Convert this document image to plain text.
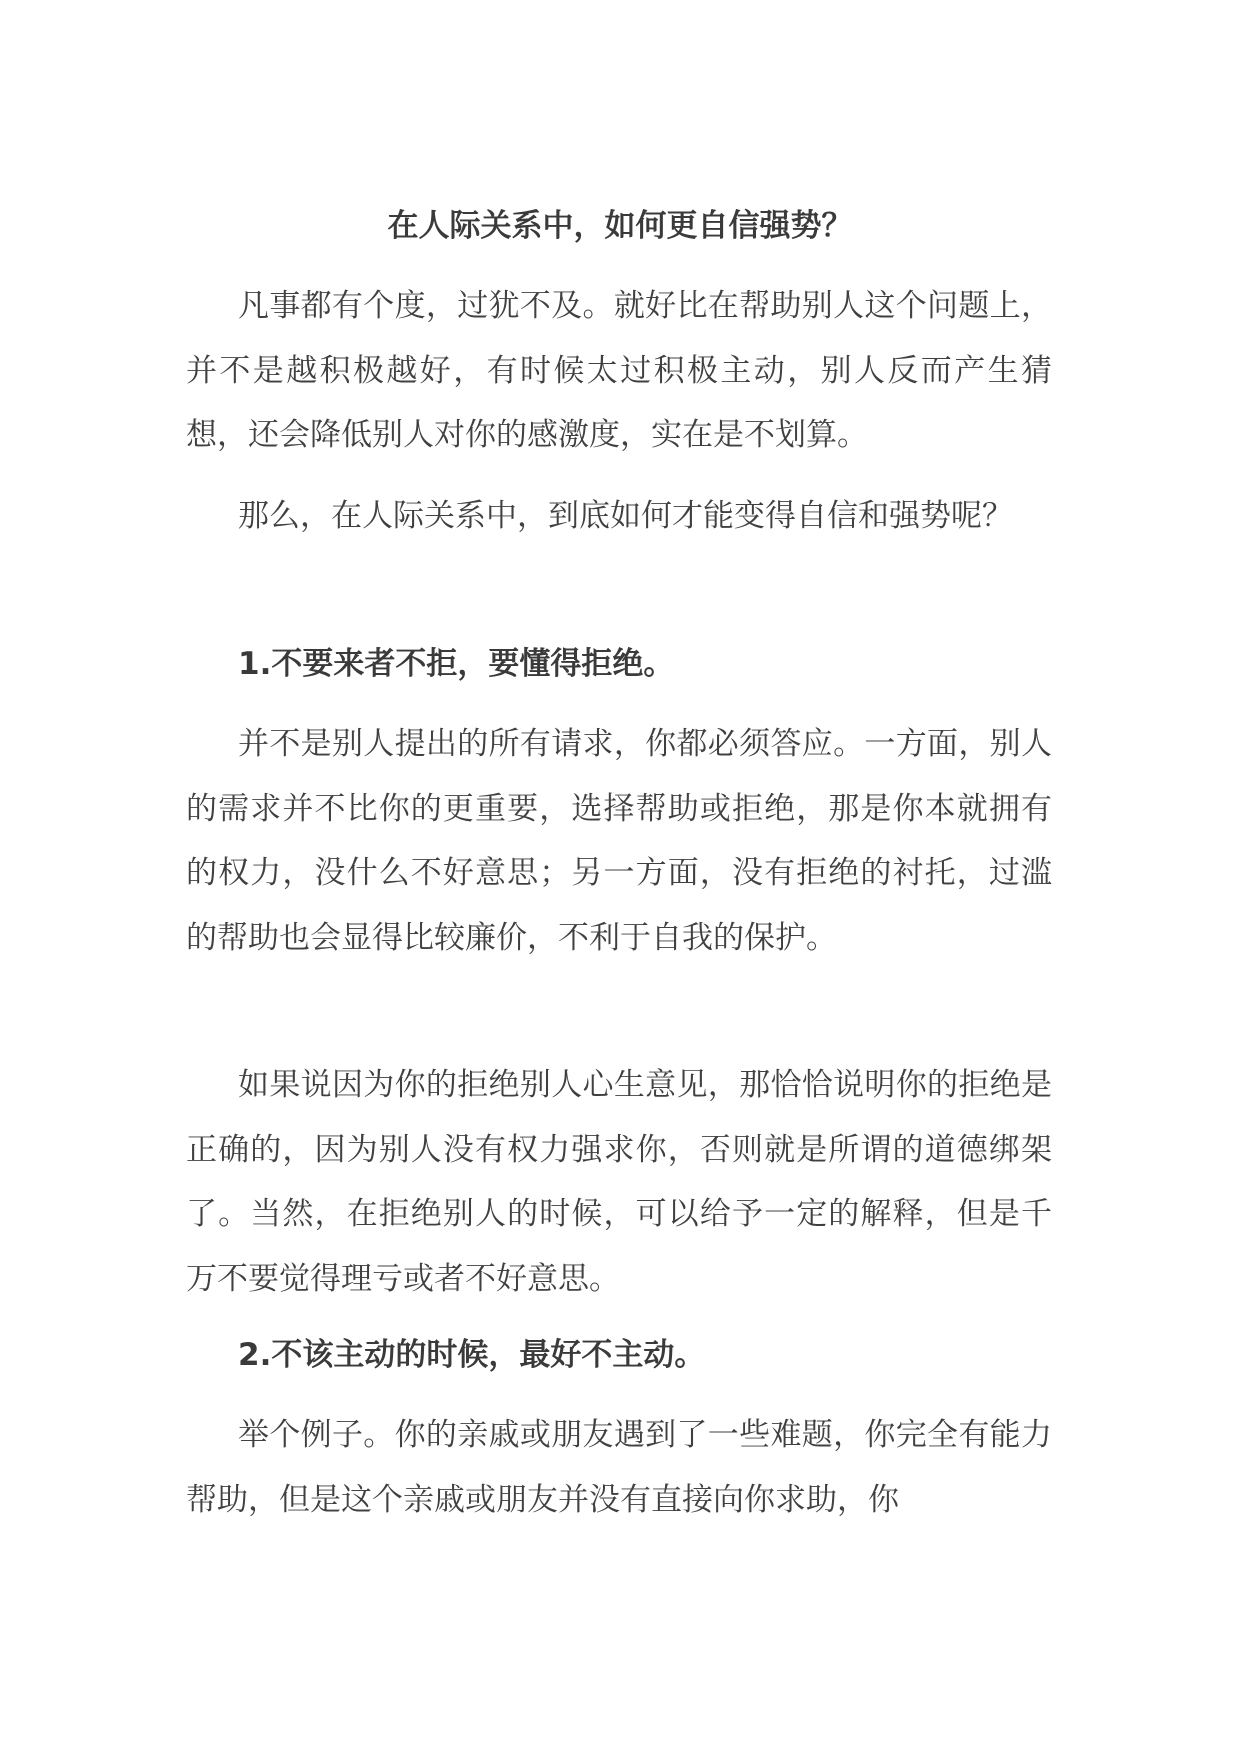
在人际关系中，如何更自信强势？

凡事都有个度，过犹不及。就好比在帮助别人这个问题上，并不是越积极越好，有时候太过积极主动，别人反而产生猜想，还会降低别人对你的感激度，实在是不划算。

那么，在人际关系中，到底如何才能变得自信和强势呢？

1.不要来者不拒，要懂得拒绝。

并不是别人提出的所有请求，你都必须答应。一方面，别人的需求并不比你的更重要，选择帮助或拒绝，那是你本就拥有的权力，没什么不好意思；另一方面，没有拒绝的衬托，过滥的帮助也会显得比较廉价，不利于自我的保护。

如果说因为你的拒绝别人心生意见，那恰恰说明你的拒绝是正确的，因为别人没有权力强求你，否则就是所谓的道德绑架了。当然，在拒绝别人的时候，可以给予一定的解释，但是千万不要觉得理亏或者不好意思。

2.不该主动的时候，最好不主动。

举个例子。你的亲戚或朋友遇到了一些难题，你完全有能力帮助，但是这个亲戚或朋友并没有直接向你求助，你
